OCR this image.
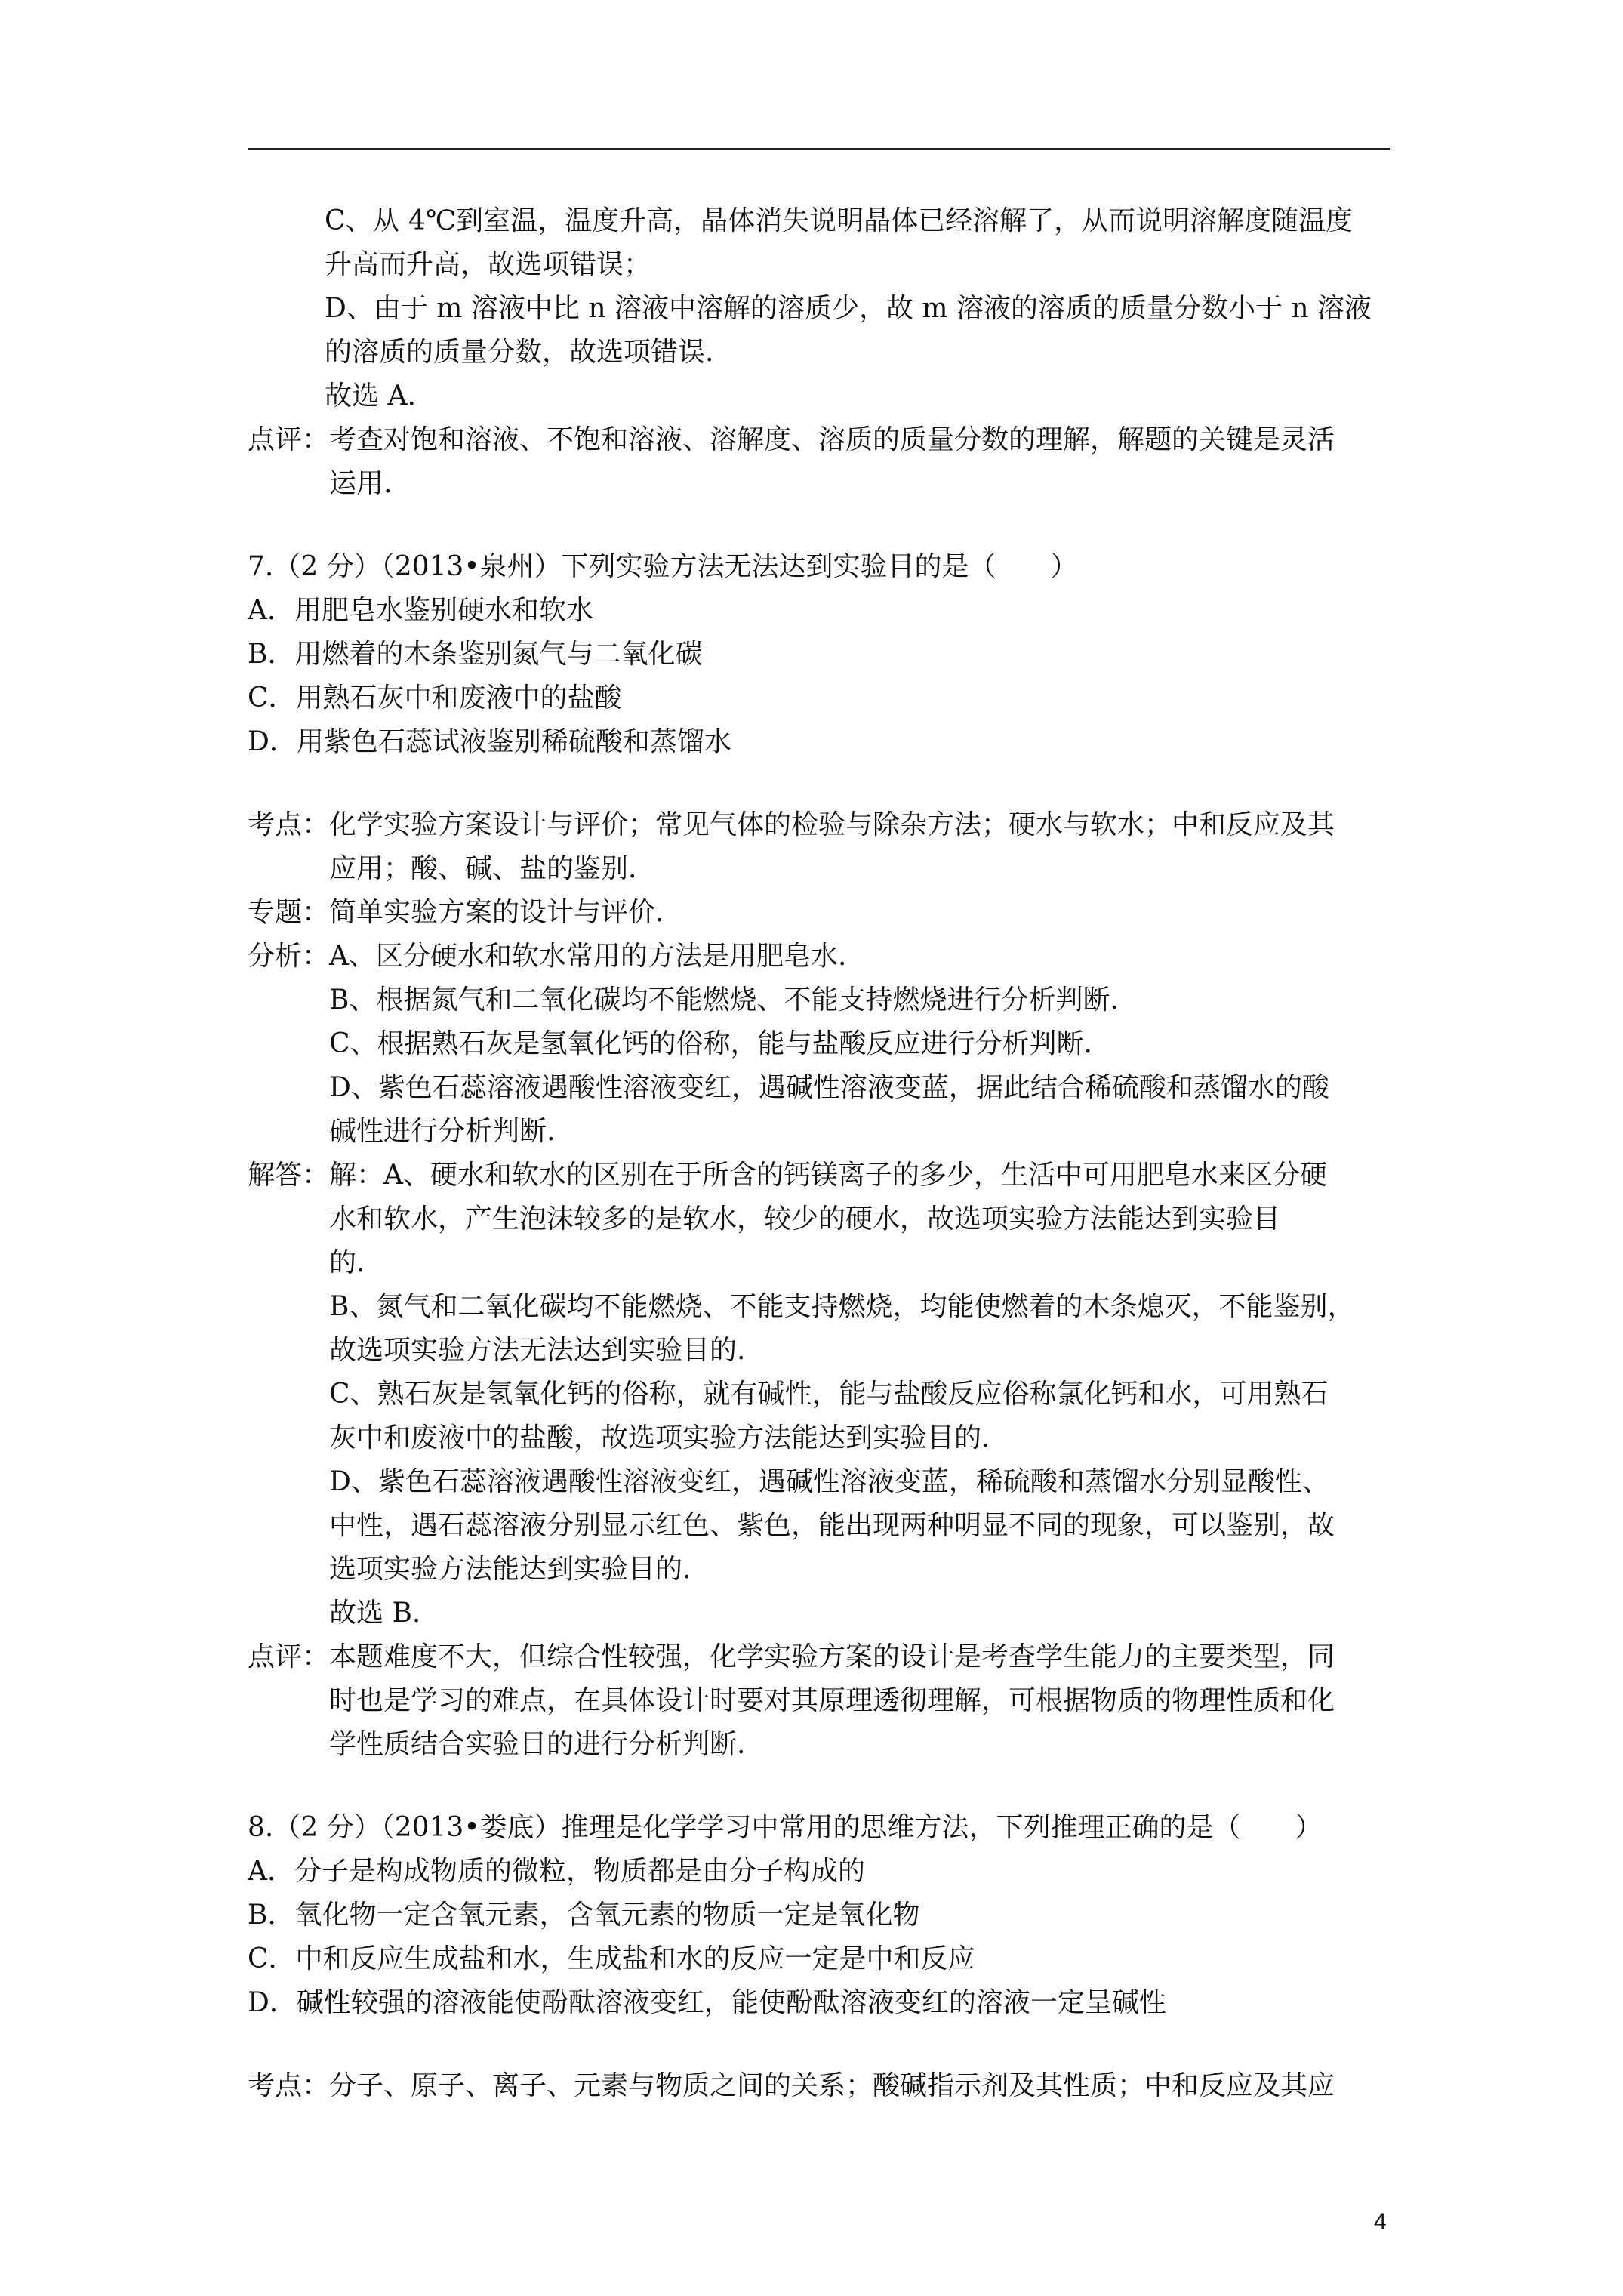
C、从 4℃到室温，温度升高，晶体消失说明晶体已经溶解了，从而说明溶解度随温度
升高而升高，故选项错误；
D、由于 m 溶液中比 n 溶液中溶解的溶质少，故 m 溶液的溶质的质量分数小于 n 溶液
的溶质的质量分数，故选项错误.
故选 A.
点评： 考查对饱和溶液、不饱和溶液、溶解度、溶质的质量分数的理解，解题的关键是灵活
运用.
7.（2 分）（2013•泉州）下列实验方法无法达到实验目的是（　　）
A．用肥皂水鉴别硬水和软水
B．用燃着的木条鉴别氮气与二氧化碳
C．用熟石灰中和废液中的盐酸
D．用紫色石蕊试液鉴别稀硫酸和蒸馏水
考点： 化学实验方案设计与评价；常见气体的检验与除杂方法；硬水与软水；中和反应及其
应用；酸、碱、盐的鉴别.
专题： 简单实验方案的设计与评价.
分析： A、区分硬水和软水常用的方法是用肥皂水.
B、根据氮气和二氧化碳均不能燃烧、不能支持燃烧进行分析判断.
C、根据熟石灰是氢氧化钙的俗称，能与盐酸反应进行分析判断.
D、紫色石蕊溶液遇酸性溶液变红，遇碱性溶液变蓝，据此结合稀硫酸和蒸馏水的酸
碱性进行分析判断.
解答： 解：A、硬水和软水的区别在于所含的钙镁离子的多少，生活中可用肥皂水来区分硬
水和软水，产生泡沫较多的是软水，较少的硬水，故选项实验方法能达到实验目
的.
B、氮气和二氧化碳均不能燃烧、不能支持燃烧，均能使燃着的木条熄灭，不能鉴别，
故选项实验方法无法达到实验目的.
C、熟石灰是氢氧化钙的俗称，就有碱性，能与盐酸反应俗称氯化钙和水，可用熟石
灰中和废液中的盐酸，故选项实验方法能达到实验目的.
D、紫色石蕊溶液遇酸性溶液变红，遇碱性溶液变蓝，稀硫酸和蒸馏水分别显酸性、
中性，遇石蕊溶液分别显示红色、紫色，能出现两种明显不同的现象，可以鉴别，故
选项实验方法能达到实验目的.
故选 B.
点评： 本题难度不大，但综合性较强，化学实验方案的设计是考查学生能力的主要类型，同
时也是学习的难点，在具体设计时要对其原理透彻理解，可根据物质的物理性质和化
学性质结合实验目的进行分析判断.
8.（2 分）（2013•娄底）推理是化学学习中常用的思维方法，下列推理正确的是（　　）
A．分子是构成物质的微粒，物质都是由分子构成的
B．氧化物一定含氧元素，含氧元素的物质一定是氧化物
C．中和反应生成盐和水，生成盐和水的反应一定是中和反应
D．碱性较强的溶液能使酚酞溶液变红，能使酚酞溶液变红的溶液一定呈碱性
考点： 分子、原子、离子、元素与物质之间的关系；酸碱指示剂及其性质；中和反应及其应
4
